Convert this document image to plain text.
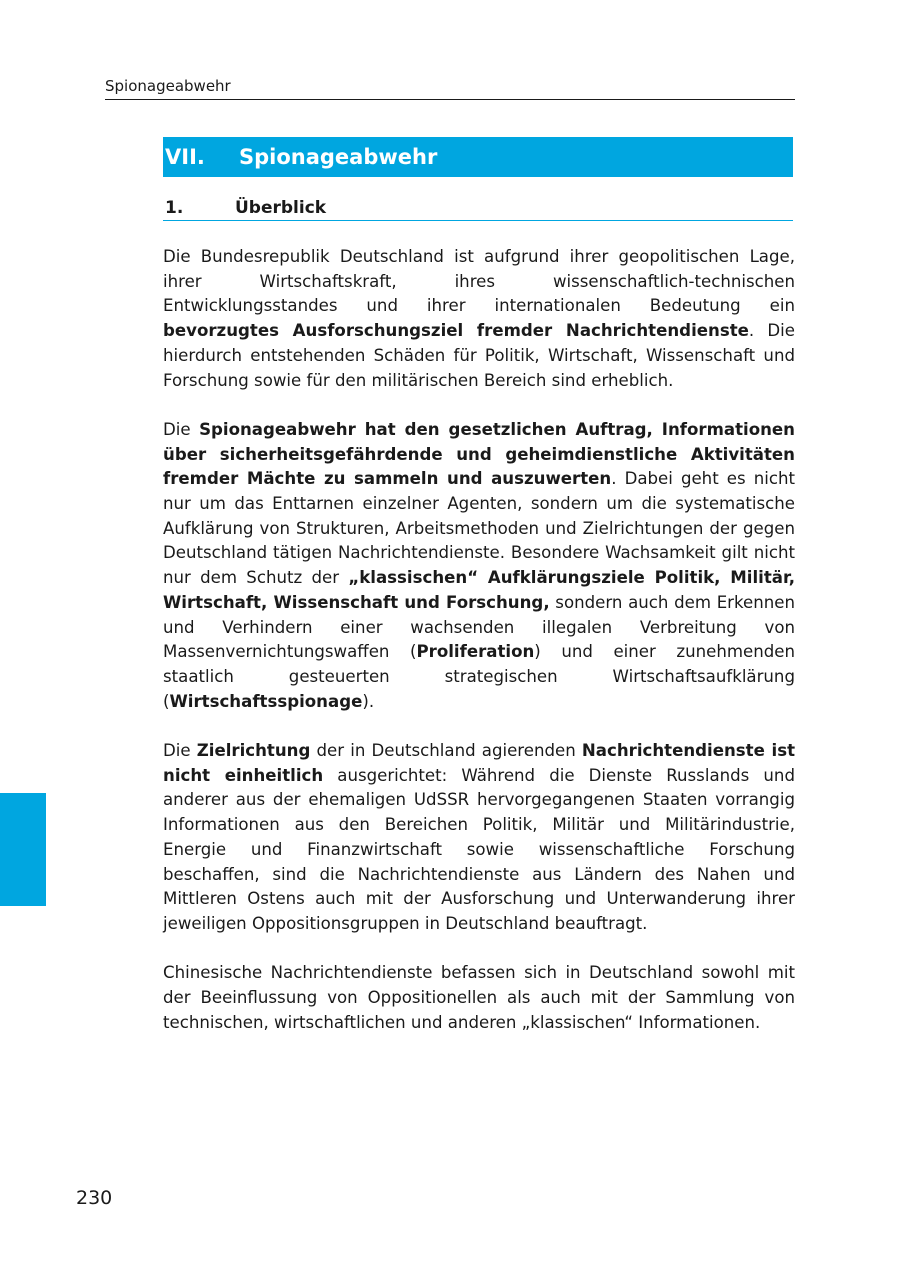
Spionageabwehr
VII.	Spionageabwehr
1.	Überblick

Die Bundesrepublik Deutschland ist aufgrund ihrer geopolitischen Lage, ihrer Wirtschaftskraft, ihres wissenschaftlich-technischen Entwicklungsstandes und ihrer internationalen Bedeutung ein bevorzugtes Ausforschungsziel fremder Nachrichtendienste. Die hierdurch entstehenden Schäden für Politik, Wirtschaft, Wissenschaft und Forschung sowie für den militärischen Bereich sind erheblich.

Die Spionageabwehr hat den gesetzlichen Auftrag, Informationen über sicherheitsgefährdende und geheimdienstliche Aktivitäten fremder Mächte zu sammeln und auszuwerten. Dabei geht es nicht nur um das Enttarnen einzelner Agenten, sondern um die systematische Aufklärung von Strukturen, Arbeitsmethoden und Zielrichtungen der gegen Deutschland tätigen Nachrichtendienste. Besondere Wachsamkeit gilt nicht nur dem Schutz der „klassischen“ Aufklärungsziele Politik, Militär, Wirtschaft, Wissenschaft und Forschung, sondern auch dem Erkennen und Verhindern einer wachsenden illegalen Verbreitung von Massenvernichtungswaffen (Proliferation) und einer zunehmenden staatlich gesteuerten strategischen Wirtschaftsaufklärung (Wirtschaftsspionage).

Die Zielrichtung der in Deutschland agierenden Nachrichtendienste ist nicht einheitlich ausgerichtet: Während die Dienste Russlands und anderer aus der ehemaligen UdSSR hervorgegangenen Staaten vorrangig Informationen aus den Bereichen Politik, Militär und Militärindustrie, Energie und Finanzwirtschaft sowie wissenschaftliche Forschung beschaffen, sind die Nachrichtendienste aus Ländern des Nahen und Mittleren Ostens auch mit der Ausforschung und Unterwanderung ihrer jeweiligen Oppositionsgruppen in Deutschland beauftragt.

Chinesische Nachrichtendienste befassen sich in Deutschland sowohl mit der Beeinflussung von Oppositionellen als auch mit der Sammlung von technischen, wirtschaftlichen und anderen „klassischen“ Informationen.

230
